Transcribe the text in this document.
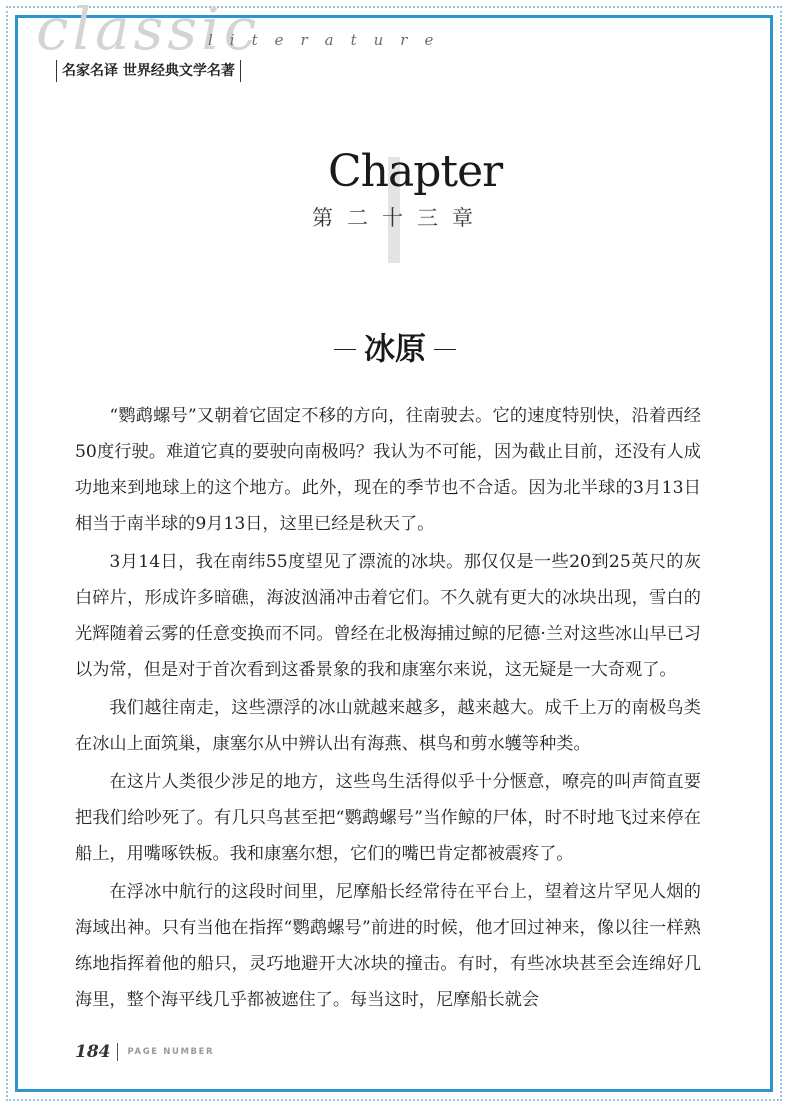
classic
literature
名家名译 世界经典文学名著
Chapter
第二十三章
冰原

“鹦鹉螺号”又朝着它固定不移的方向，往南驶去。它的速度特别快，沿着西经50度行驶。难道它真的要驶向南极吗？我认为不可能，因为截止目前，还没有人成功地来到地球上的这个地方。此外，现在的季节也不合适。因为北半球的3月13日相当于南半球的9月13日，这里已经是秋天了。

3月14日，我在南纬55度望见了漂流的冰块。那仅仅是一些20到25英尺的灰白碎片，形成许多暗礁，海波汹涌冲击着它们。不久就有更大的冰块出现，雪白的光辉随着云雾的任意变换而不同。曾经在北极海捕过鲸的尼德·兰对这些冰山早已习以为常，但是对于首次看到这番景象的我和康塞尔来说，这无疑是一大奇观了。

我们越往南走，这些漂浮的冰山就越来越多，越来越大。成千上万的南极鸟类在冰山上面筑巢，康塞尔从中辨认出有海燕、棋鸟和剪水鹱等种类。

在这片人类很少涉足的地方，这些鸟生活得似乎十分惬意，嘹亮的叫声简直要把我们给吵死了。有几只鸟甚至把“鹦鹉螺号”当作鲸的尸体，时不时地飞过来停在船上，用嘴啄铁板。我和康塞尔想，它们的嘴巴肯定都被震疼了。

在浮冰中航行的这段时间里，尼摩船长经常待在平台上，望着这片罕见人烟的海域出神。只有当他在指挥“鹦鹉螺号”前进的时候，他才回过神来，像以往一样熟练地指挥着他的船只，灵巧地避开大冰块的撞击。有时，有些冰块甚至会连绵好几海里，整个海平线几乎都被遮住了。每当这时，尼摩船长就会

184 PAGE NUMBER
